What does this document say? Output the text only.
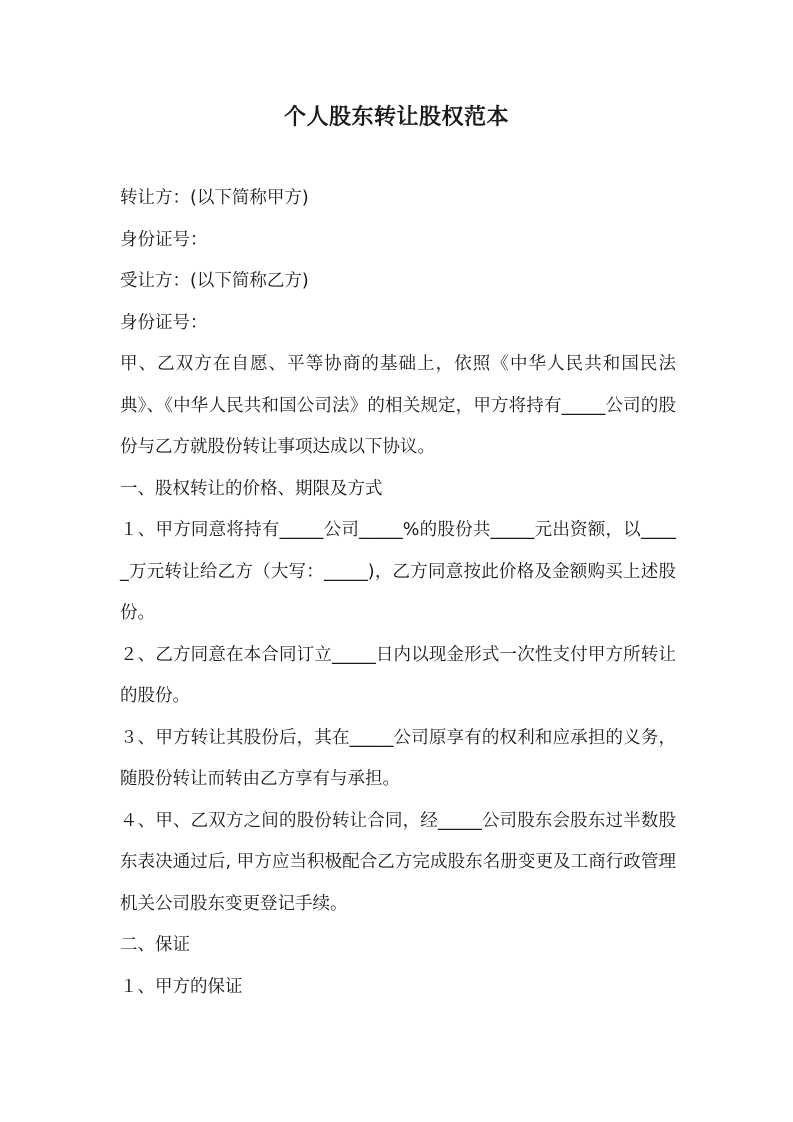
个人股东转让股权范本

转让方：(以下简称甲方)

身份证号：

受让方：(以下简称乙方)

身份证号：

甲、乙双方在自愿、平等协商的基础上，依照《中华人民共和国民法典》、《中华人民共和国公司法》的相关规定，甲方将持有_____公司的股份与乙方就股份转让事项达成以下协议。

一、股权转让的价格、期限及方式

１、甲方同意将持有_____公司_____%的股份共_____元出资额，以_____万元转让给乙方（大写：_____)，乙方同意按此价格及金额购买上述股份。

２、乙方同意在本合同订立_____日内以现金形式一次性支付甲方所转让的股份。

３、甲方转让其股份后，其在_____公司原享有的权利和应承担的义务，随股份转让而转由乙方享有与承担。

４、甲、乙双方之间的股份转让合同，经_____公司股东会股东过半数股东表决通过后, 甲方应当积极配合乙方完成股东名册变更及工商行政管理机关公司股东变更登记手续。

二、保证

１、甲方的保证
